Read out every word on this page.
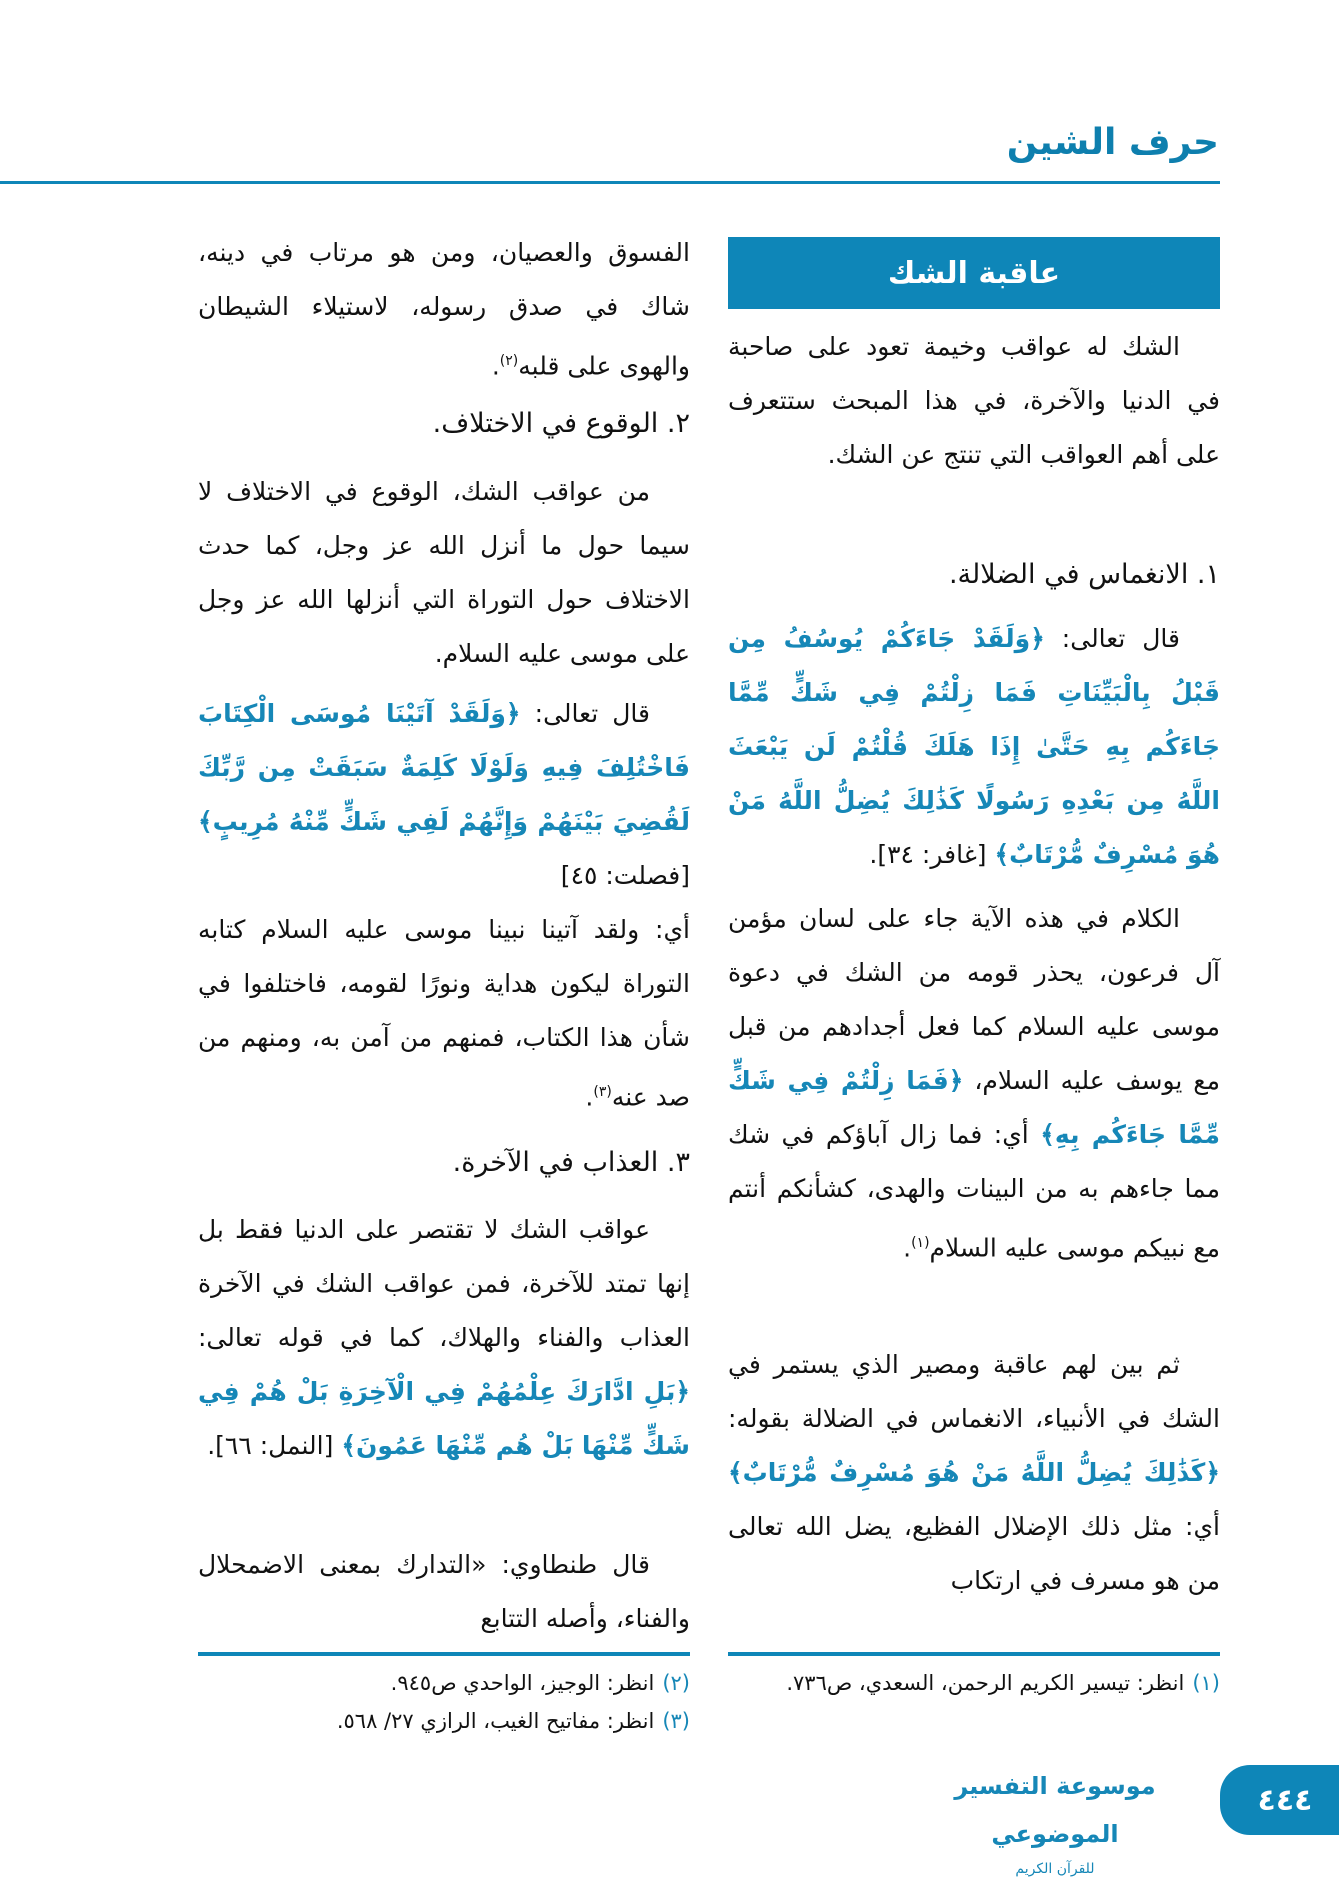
حرف الشين
عاقبة الشك
الشك له عواقب وخيمة تعود على صاحبة في الدنيا والآخرة، في هذا المبحث ستتعرف على أهم العواقب التي تنتج عن الشك.
١. الانغماس في الضلالة.
قال تعالى: ﴿وَلَقَدْ جَاءَكُمْ يُوسُفُ مِن قَبْلُ بِالْبَيِّنَاتِ فَمَا زِلْتُمْ فِي شَكٍّ مِّمَّا جَاءَكُم بِهِ حَتَّىٰ إِذَا هَلَكَ قُلْتُمْ لَن يَبْعَثَ اللَّهُ مِن بَعْدِهِ رَسُولًا كَذَٰلِكَ يُضِلُّ اللَّهُ مَنْ هُوَ مُسْرِفٌ مُّرْتَابٌ﴾ [غافر: ٣٤].
الكلام في هذه الآية جاء على لسان مؤمن آل فرعون، يحذر قومه من الشك في دعوة موسى عليه السلام كما فعل أجدادهم من قبل مع يوسف عليه السلام، ﴿فَمَا زِلْتُمْ فِي شَكٍّ مِّمَّا جَاءَكُم بِهِ﴾ أي: فما زال آباؤكم في شك مما جاءهم به من البينات والهدى، كشأنكم أنتم مع نبيكم موسى عليه السلام$^{(١)}$.
ثم بين لهم عاقبة ومصير الذي يستمر في الشك في الأنبياء، الانغماس في الضلالة بقوله: ﴿كَذَٰلِكَ يُضِلُّ اللَّهُ مَنْ هُوَ مُسْرِفٌ مُّرْتَابٌ﴾ أي: مثل ذلك الإضلال الفظيع، يضل الله تعالى من هو مسرف في ارتكاب
الفسوق والعصيان، ومن هو مرتاب في دينه، شاك في صدق رسوله، لاستيلاء الشيطان والهوى على قلبه$^{(٢)}$.
٢. الوقوع في الاختلاف.
من عواقب الشك، الوقوع في الاختلاف لا سيما حول ما أنزل الله عز وجل، كما حدث الاختلاف حول التوراة التي أنزلها الله عز وجل على موسى عليه السلام.
قال تعالى: ﴿وَلَقَدْ آتَيْنَا مُوسَى الْكِتَابَ فَاخْتُلِفَ فِيهِ وَلَوْلَا كَلِمَةٌ سَبَقَتْ مِن رَّبِّكَ لَقُضِيَ بَيْنَهُمْ وَإِنَّهُمْ لَفِي شَكٍّ مِّنْهُ مُرِيبٍ﴾ [فصلت: ٤٥]
أي: ولقد آتينا نبينا موسى عليه السلام كتابه التوراة ليكون هداية ونورًا لقومه، فاختلفوا في شأن هذا الكتاب، فمنهم من آمن به، ومنهم من صد عنه$^{(٣)}$.
٣. العذاب في الآخرة.
عواقب الشك لا تقتصر على الدنيا فقط بل إنها تمتد للآخرة، فمن عواقب الشك في الآخرة العذاب والفناء والهلاك، كما في قوله تعالى: ﴿بَلِ ادَّارَكَ عِلْمُهُمْ فِي الْآخِرَةِ بَلْ هُمْ فِي شَكٍّ مِّنْهَا بَلْ هُم مِّنْهَا عَمُونَ﴾ [النمل: ٦٦].
قال طنطاوي: «التدارك بمعنى الاضمحلال والفناء، وأصله التتابع
(١)انظر: تيسير الكريم الرحمن، السعدي، ص٧٣٦.
(٢)انظر: الوجيز، الواحدي ص٩٤٥.
(٣)انظر: مفاتيح الغيب، الرازي ٢٧/ ٥٦٨.
موسوعة التفسير الموضوعي
للقرآن الكريم
٤٤٤
